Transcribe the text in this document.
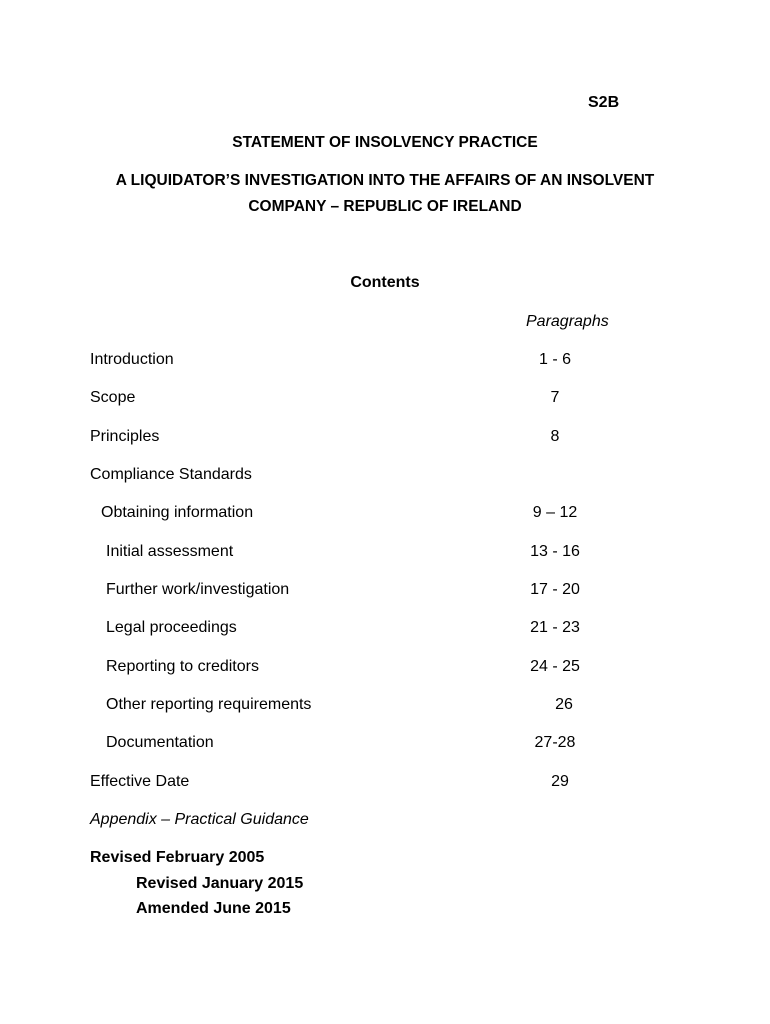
S2B
STATEMENT OF INSOLVENCY PRACTICE
A LIQUIDATOR’S INVESTIGATION INTO THE AFFAIRS OF AN INSOLVENT
COMPANY – REPUBLIC OF IRELAND
Contents
Paragraphs
Introduction	1 - 6
Scope	7
Principles	8
Compliance Standards
Obtaining information	9 – 12
Initial assessment	13 - 16
Further work/investigation	17 - 20
Legal proceedings	21 - 23
Reporting to creditors	24 - 25
Other reporting requirements	26
Documentation	27-28
Effective Date	29
Appendix – Practical Guidance
Revised February 2005
Revised January 2015
Amended June 2015
